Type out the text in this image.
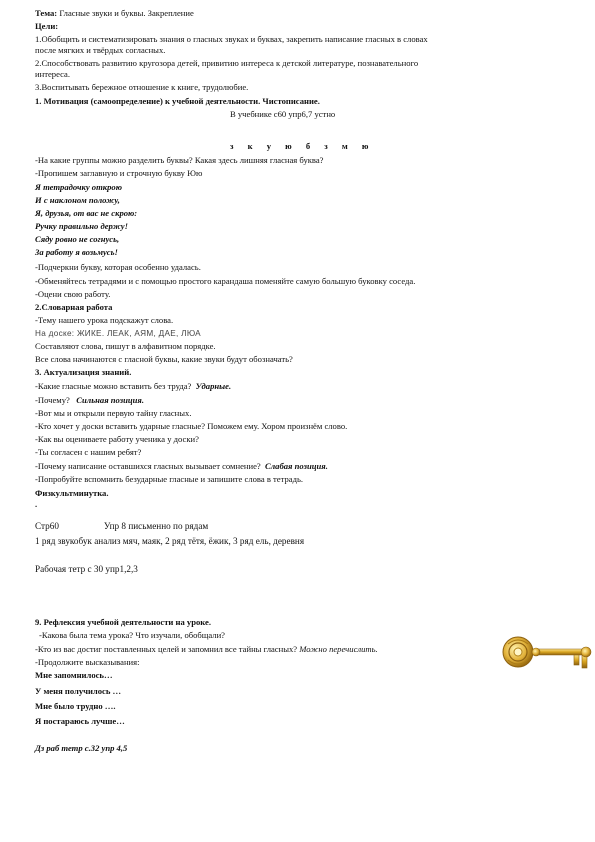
Тема: Гласные звуки и буквы. Закрепление
Цели:
1.Обобщить и систематизировать знания о гласных звуках и буквах, закрепить написание гласных в словах
после мягких и твёрдых согласных.
2.Способствовать развитию кругозора детей, привитию интереса к детской литературе, познавательного
интереса.
3.Воспитывать бережное отношение к книге, трудолюбие.
1. Мотивация (самоопределение) к учебной деятельности. Чистописание.
В учебнике с60 упр6,7 устно
з к у ю б з м ю
-На какие группы можно разделить буквы? Какая здесь лишняя гласная буква?
-Пропишем заглавную и строчную букву Юю
Я тетрадочку открою
И с наклоном положу,
Я, друзья, от вас не скрою:
Ручку правильно держу!
Сяду ровно не согнусь,
За работу я возьмусь!
-Подчеркни букву, которая особенно удалась.
-Обменяйтесь тетрадями и с помощью простого карандаша поменяйте самую большую буковку соседа.
-Оцени свою работу.
2.Словарная работа
-Тему нашего урока подскажут слова.
На доске: ЖИКЕ. ЛЕАК, АЯМ, ДАЕ, ЛЮА
Составляют слова, пишут в алфавитном порядке.
Все слова начинаются с гласной буквы, какие звуки будут обозначать?
3. Актуализация знаний.
-Какие гласные можно вставить без труда? Ударные.
-Почему? Сильная позиция.
-Вот мы и открыли первую тайну гласных.
-Кто хочет у доски вставить ударные гласные? Поможем ему. Хором произнём слово.
-Как вы оцениваете работу ученика у доски?
-Ты согласен с нашим ребят?
-Почему написание оставшихся гласных вызывает сомнение? Слабая позиция.
-Попробуйте вспомнить безударные гласные и запишите слова в тетрадь.
Физкультминутка.
.
Стр60	Упр 8 письменно по рядам
1 ряд звукобук анализ мяч, маяк, 2 ряд тётя, ёжик, 3 ряд ель, деревня
Рабочая тетр с 30 упр1,2,3
9. Рефлексия учебной деятельности на уроке.
-Какова была тема урока? Что изучали, обобщали?
-Кто из вас достиг поставленных целей и запомнил все тайны гласных? Можно перечислить.
-Продолжите высказывания:
Мне запомнилось…
У меня получилось …
Мне было трудно ….
Я постараюсь лучше…
Дз раб тетр с.32 упр 4,5
